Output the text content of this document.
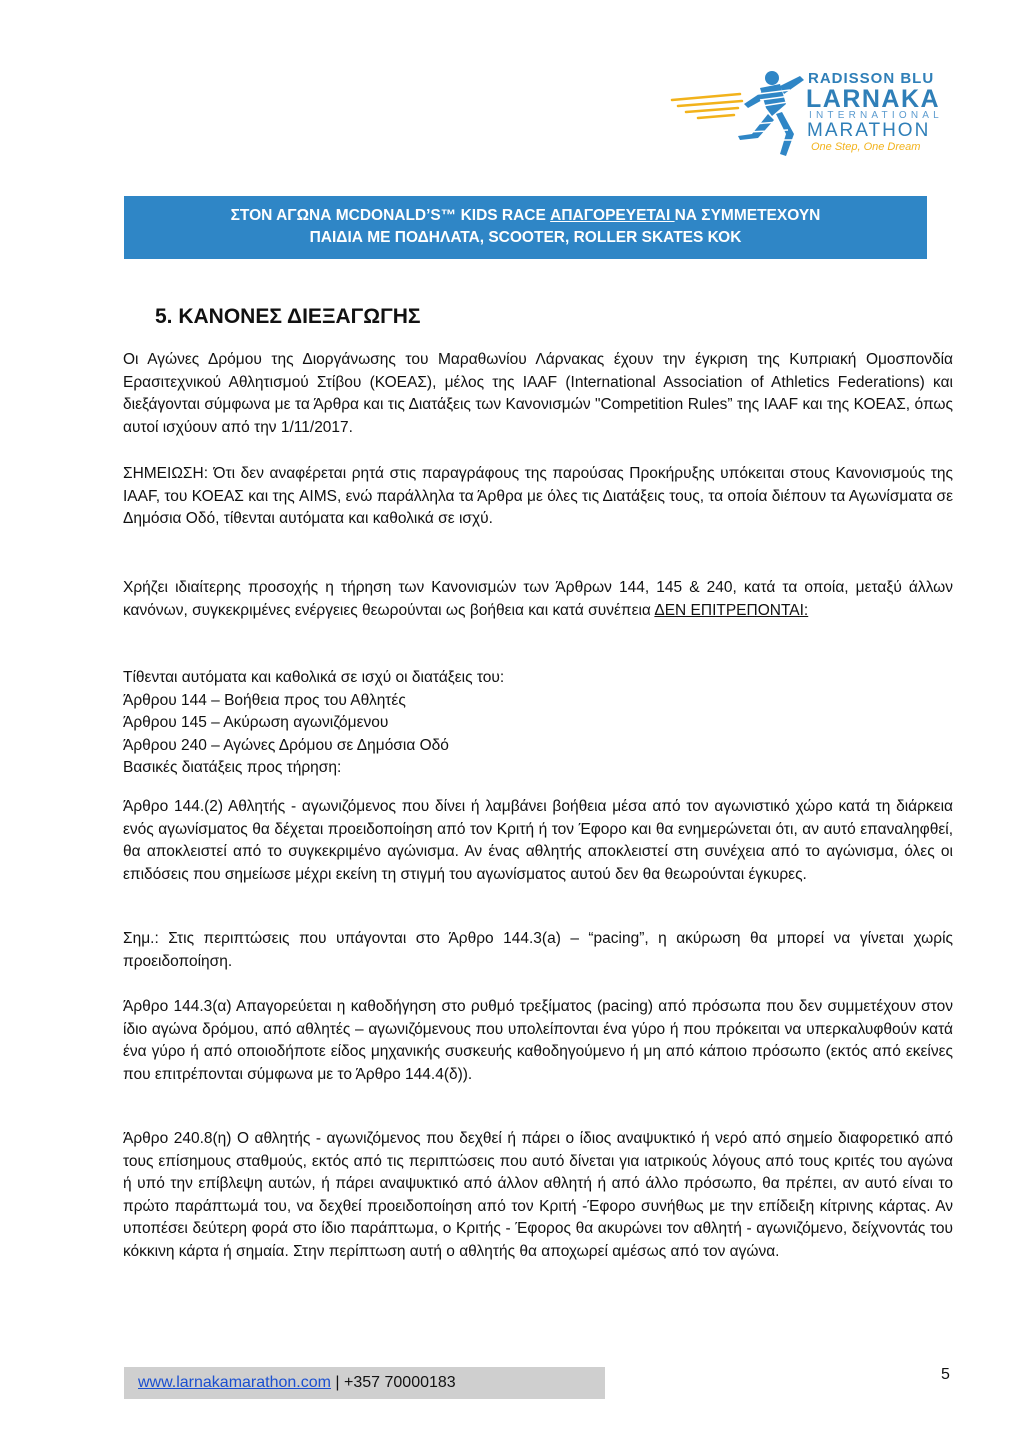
RADISSON BLU
LARNAKA
INTERNATIONAL
MARATHON
One Step, One Dream
ΣΤΟΝ ΑΓΩΝΑ MCDONALD’S™ KIDS RACE ΑΠΑΓΟΡΕΥΕΤΑΙ ΝΑ ΣΥΜΜΕΤΕΧΟΥΝ
ΠΑΙΔΙΑ ΜΕ ΠΟΔΗΛΑΤΑ, SCOOTER, ROLLER SKATES ΚΟΚ
5. ΚΑΝΟΝΕΣ ΔΙΕΞΑΓΩΓΗΣ
Οι Αγώνες Δρόμου της Διοργάνωσης του Μαραθωνίου Λάρνακας έχουν την έγκριση της Κυπριακή Ομοσπονδία Ερασιτεχνικού Αθλητισμού Στίβου (ΚΟΕΑΣ), μέλος της IAAF (International Association of Athletics Federations) και διεξάγονται σύμφωνα με τα Άρθρα και τις Διατάξεις των Κανονισμών "Competition Rules” της IAAF και της ΚΟΕΑΣ, όπως αυτοί ισχύουν από την 1/11/2017.
ΣΗΜΕΙΩΣΗ: Ότι δεν αναφέρεται ρητά στις παραγράφους της παρούσας Προκήρυξης υπόκειται στους Κανονισμούς της IAAF, του ΚΟΕΑΣ και της AIMS, ενώ παράλληλα τα Άρθρα με όλες τις Διατάξεις τους, τα οποία διέπουν τα Αγωνίσματα σε Δημόσια Οδό, τίθενται αυτόματα και καθολικά σε ισχύ.
Χρήζει ιδιαίτερης προσοχής η τήρηση των Κανονισμών των Άρθρων 144, 145 & 240, κατά τα οποία, μεταξύ άλλων κανόνων, συγκεκριμένες ενέργειες θεωρούνται ως βοήθεια και κατά συνέπεια ΔΕΝ ΕΠΙΤΡΕΠΟΝΤΑΙ:
Τίθενται αυτόματα και καθολικά σε ισχύ οι διατάξεις του:
Άρθρου 144 – Βοήθεια προς του Αθλητές
Άρθρου 145 – Ακύρωση αγωνιζόμενου
Άρθρου 240 – Αγώνες Δρόμου σε Δημόσια Οδό
Βασικές διατάξεις προς τήρηση:
Άρθρο 144.(2) Αθλητής - αγωνιζόμενος που δίνει ή λαμβάνει βοήθεια μέσα από τον αγωνιστικό χώρο κατά τη διάρκεια ενός αγωνίσματος θα δέχεται προειδοποίηση από τον Κριτή ή τον Έφορο και θα ενημερώνεται ότι, αν αυτό επαναληφθεί, θα αποκλειστεί από το συγκεκριμένο αγώνισμα. Αν ένας αθλητής αποκλειστεί στη συνέχεια από το αγώνισμα, όλες οι επιδόσεις που σημείωσε μέχρι εκείνη τη στιγμή του αγωνίσματος αυτού δεν θα θεωρούνται έγκυρες.
Σημ.: Στις περιπτώσεις που υπάγονται στο Άρθρο 144.3(a) – “pacing”, η ακύρωση θα μπορεί να γίνεται χωρίς προειδοποίηση.
Άρθρο 144.3(α) Απαγορεύεται η καθοδήγηση στο ρυθμό τρεξίματος (pacing) από πρόσωπα που δεν συμμετέχουν στον ίδιο αγώνα δρόμου, από αθλητές – αγωνιζόμενους που υπολείπονται ένα γύρο ή που πρόκειται να υπερκαλυφθούν κατά ένα γύρο ή από οποιοδήποτε είδος μηχανικής συσκευής καθοδηγούμενο ή μη από κάποιο πρόσωπο (εκτός από εκείνες που επιτρέπονται σύμφωνα με το Άρθρο 144.4(δ)).
Άρθρο 240.8(η) Ο αθλητής - αγωνιζόμενος που δεχθεί ή πάρει ο ίδιος αναψυκτικό ή νερό από σημείο διαφορετικό από τους επίσημους σταθμούς, εκτός από τις περιπτώσεις που αυτό δίνεται για ιατρικούς λόγους από τους κριτές του αγώνα ή υπό την επίβλεψη αυτών, ή πάρει αναψυκτικό από άλλον αθλητή ή από άλλο πρόσωπο, θα πρέπει, αν αυτό είναι το πρώτο παράπτωμά του, να δεχθεί προειδοποίηση από τον Κριτή -Έφορο συνήθως με την επίδειξη κίτρινης κάρτας. Αν υποπέσει δεύτερη φορά στο ίδιο παράπτωμα, ο Κριτής - Έφορος θα ακυρώνει τον αθλητή - αγωνιζόμενο, δείχνοντάς του κόκκινη κάρτα ή σημαία. Στην περίπτωση αυτή ο αθλητής θα αποχωρεί αμέσως από τον αγώνα.
www.larnakamarathon.com | +357 70000183	5
